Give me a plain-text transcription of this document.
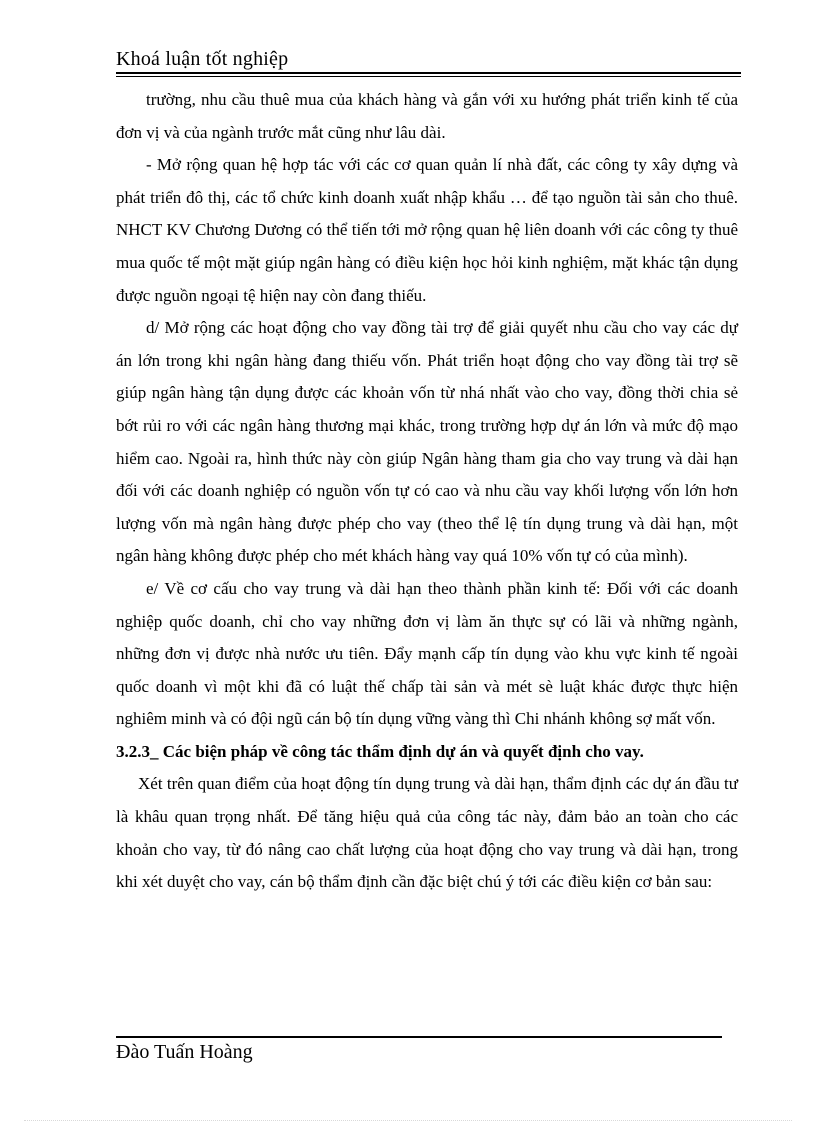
Khoá luận tốt nghiệp

trường, nhu cầu thuê mua của khách hàng và gắn với xu hướng phát triển kinh tế của đơn vị và của ngành trước mắt cũng như lâu dài.

- Mở rộng quan hệ hợp tác với các cơ quan quản lí nhà đất, các công ty xây dựng và phát triển đô thị, các tổ chức kinh doanh xuất nhập khẩu … để tạo nguồn tài sản cho thuê. NHCT KV Chương Dương có thể tiến tới mở rộng quan hệ liên doanh với các công ty thuê mua quốc tế một mặt giúp ngân hàng có điều kiện học hỏi kinh nghiệm, mặt khác tận dụng được nguồn ngoại tệ hiện nay còn đang thiếu.

d/ Mở rộng các hoạt động cho vay đồng tài trợ để giải quyết nhu cầu cho vay các dự án lớn trong khi ngân hàng đang thiếu vốn. Phát triển hoạt động cho vay đồng tài trợ sẽ giúp ngân hàng tận dụng được các khoản vốn từ nhá nhất vào cho vay, đồng thời chia sẻ bớt rủi ro với các ngân hàng thương mại khác, trong trường hợp dự án lớn và mức độ mạo hiểm cao. Ngoài ra, hình thức này còn giúp Ngân hàng tham gia cho vay trung và dài hạn đối với các doanh nghiệp có nguồn vốn tự có cao và nhu cầu vay khối lượng vốn lớn hơn lượng vốn mà ngân hàng được phép cho vay (theo thể lệ tín dụng trung và dài hạn, một ngân hàng không được phép cho mét khách hàng vay quá 10% vốn tự có của mình).

e/ Về cơ cấu cho vay trung và dài hạn theo thành phần kinh tế: Đối với các doanh nghiệp quốc doanh, chỉ cho vay những đơn vị làm ăn thực sự có lãi và những ngành, những đơn vị được nhà nước ưu tiên. Đẩy mạnh cấp tín dụng vào khu vực kinh tế ngoài quốc doanh vì một khi đã có luật thế chấp tài sản và mét sè luật khác được thực hiện nghiêm minh và có đội ngũ cán bộ tín dụng vững vàng thì Chi nhánh không sợ mất vốn.

3.2.3_ Các biện pháp về công tác thẩm định dự án và quyết định cho vay.

Xét trên quan điểm của hoạt động tín dụng trung và dài hạn, thẩm định các dự án đầu tư là khâu quan trọng nhất. Để tăng hiệu quả của công tác này, đảm bảo an toàn cho các khoản cho vay, từ đó nâng cao chất lượng của hoạt động cho vay trung và dài hạn, trong khi xét duyệt cho vay, cán bộ thẩm định cần đặc biệt chú ý tới các điều kiện cơ bản sau:

Đào Tuấn Hoàng
